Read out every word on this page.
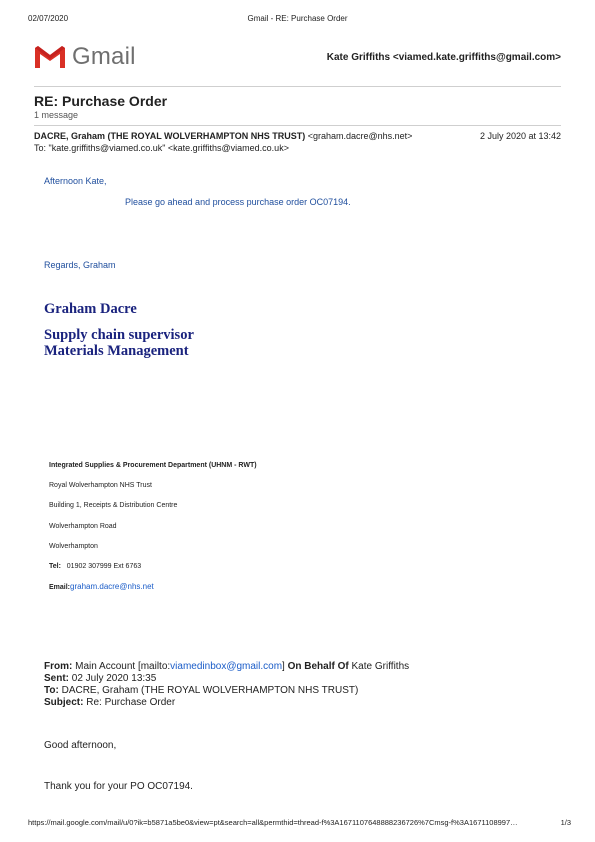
02/07/2020	Gmail - RE: Purchase Order
Gmail	Kate Griffiths <viamed.kate.griffiths@gmail.com>
RE: Purchase Order
1 message
DACRE, Graham (THE ROYAL WOLVERHAMPTON NHS TRUST) <graham.dacre@nhs.net>	2 July 2020 at 13:42
To: "kate.griffiths@viamed.co.uk" <kate.griffiths@viamed.co.uk>
Afternoon Kate,
Please go ahead and process purchase order OC07194.
Regards, Graham
Graham Dacre
Supply chain supervisor
Materials Management
Integrated Supplies & Procurement Department (UHNM - RWT)
Royal Wolverhampton NHS Trust
Building 1, Receipts & Distribution Centre
Wolverhampton Road
Wolverhampton
Tel: 01902 307999 Ext 6763
Email:graham.dacre@nhs.net
From: Main Account [mailto:viamedinbox@gmail.com] On Behalf Of Kate Griffiths
Sent: 02 July 2020 13:35
To: DACRE, Graham (THE ROYAL WOLVERHAMPTON NHS TRUST)
Subject: Re: Purchase Order
Good afternoon,
Thank you for your PO OC07194.
https://mail.google.com/mail/u/0?ik=b5871a5be0&view=pt&search=all&permthid=thread-f%3A1671107648888236726%7Cmsg-f%3A1671108997…	1/3
